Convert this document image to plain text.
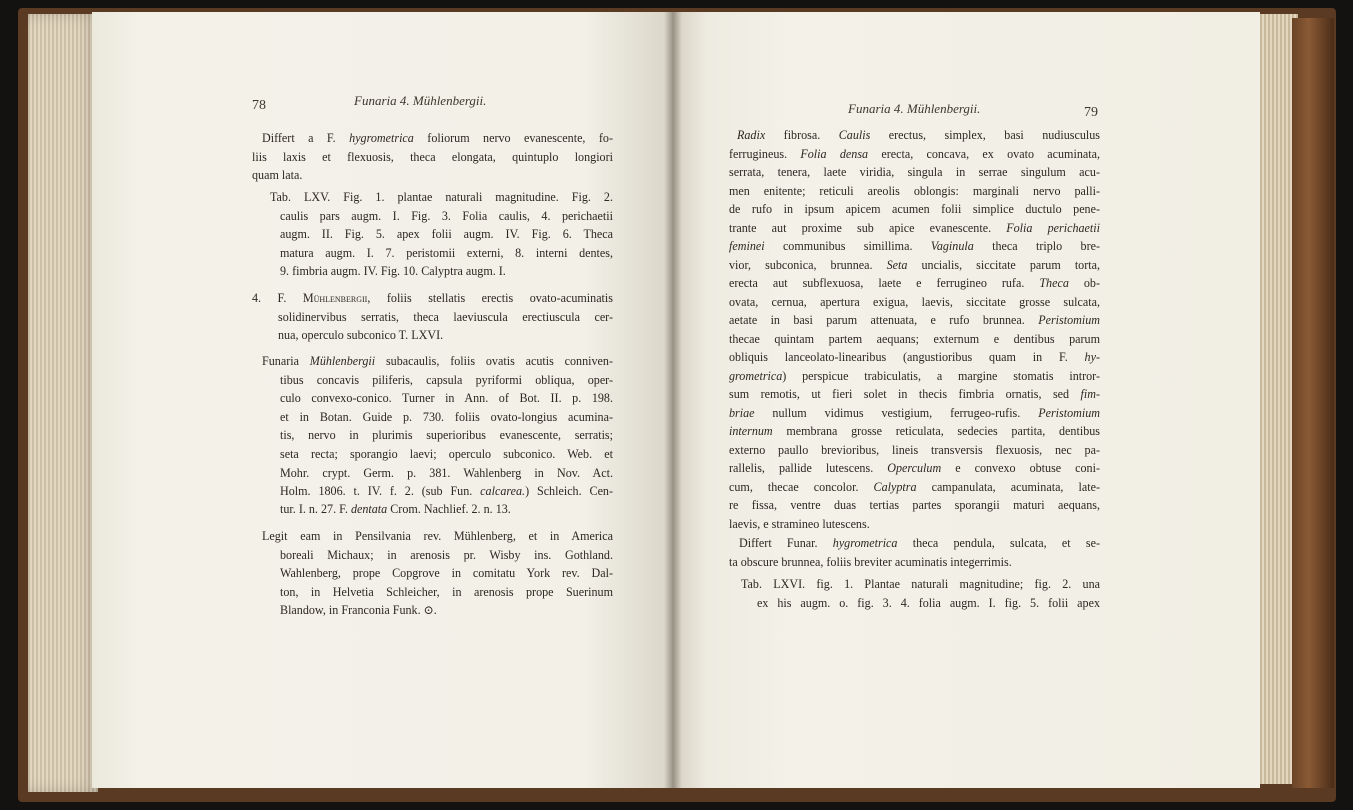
78	Funaria 4. Mühlenbergii.
Differt a F. hygrometrica foliorum nervo evanescente, fo-
liis laxis et flexuosis, theca elongata, quintuplo longiori
quam lata.
Tab. LXV. Fig. 1. plantae naturali magnitudine. Fig. 2.
caulis pars augm. I. Fig. 3. Folia caulis, 4. perichaetii
augm. II. Fig. 5. apex folii augm. IV. Fig. 6. Theca
matura augm. I. 7. peristomii externi, 8. interni dentes,
9. fimbria augm. IV. Fig. 10. Calyptra augm. I.
4. F. Mühlenbergii, foliis stellatis erectis ovato-acuminatis
solidinervibus serratis, theca laeviuscula erectiuscula cer-
nua, operculo subconico T. LXVI.
Funaria Mühlenbergii subacaulis, foliis ovatis acutis conniven-
tibus concavis piliferis, capsula pyriformi obliqua, oper-
culo convexo-conico. Turner in Ann. of Bot. II. p. 198.
et in Botan. Guide p. 730. foliis ovato-longius acumina-
tis, nervo in plurimis superioribus evanescente, serratis;
seta recta; sporangio laevi; operculo subconico. Web. et
Mohr. crypt. Germ. p. 381. Wahlenberg in Nov. Act.
Holm. 1806. t. IV. f. 2. (sub Fun. calcarea.) Schleich. Cen-
tur. I. n. 27. F. dentata Crom. Nachlief. 2. n. 13.
Legit eam in Pensilvania rev. Mühlenberg, et in America
boreali Michaux; in arenosis pr. Wisby ins. Gothland.
Wahlenberg, prope Copgrove in comitatu York rev. Dal-
ton, in Helvetia Schleicher, in arenosis prope Suerinum
Blandow, in Franconia Funk. ⊙.
Funaria 4. Mühlenbergii.	79
Radix fibrosa. Caulis erectus, simplex, basi nudiusculus
ferrugineus. Folia densa erecta, concava, ex ovato acuminata,
serrata, tenera, laete viridia, singula in serrae singulum acu-
men enitente; reticuli areolis oblongis: marginali nervo palli-
de rufo in ipsum apicem acumen folii simplice ductulo pene-
trante aut proxime sub apice evanescente. Folia perichaetii
feminei communibus simillima. Vaginula theca triplo bre-
vior, subconica, brunnea. Seta uncialis, siccitate parum torta,
erecta aut subflexuosa, laete e ferrugineo rufa. Theca ob-
ovata, cernua, apertura exigua, laevis, siccitate grosse sulcata,
aetate in basi parum attenuata, e rufo brunnea. Peristomium
thecae quintam partem aequans; externum e dentibus parum
obliquis lanceolato-linearibus (angustioribus quam in F. hy-
grometrica) perspicue trabiculatis, a margine stomatis intror-
sum remotis, ut fieri solet in thecis fimbria ornatis, sed fim-
briae nullum vidimus vestigium, ferrugeo-rufis. Peristomium
internum membrana grosse reticulata, sedecies partita, dentibus
externo paullo brevioribus, lineis transversis flexuosis, nec pa-
rallelis, pallide lutescens. Operculum e convexo obtuse coni-
cum, thecae concolor. Calyptra campanulata, acuminata, late-
re fissa, ventre duas tertias partes sporangii maturi aequans,
laevis, e stramineo lutescens.
Differt Funar. hygrometrica theca pendula, sulcata, et se-
ta obscure brunnea, foliis breviter acuminatis integerrimis.
Tab. LXVI. fig. 1. Plantae naturali magnitudine; fig. 2. una
ex his augm. o. fig. 3. 4. folia augm. I. fig. 5. folii apex
